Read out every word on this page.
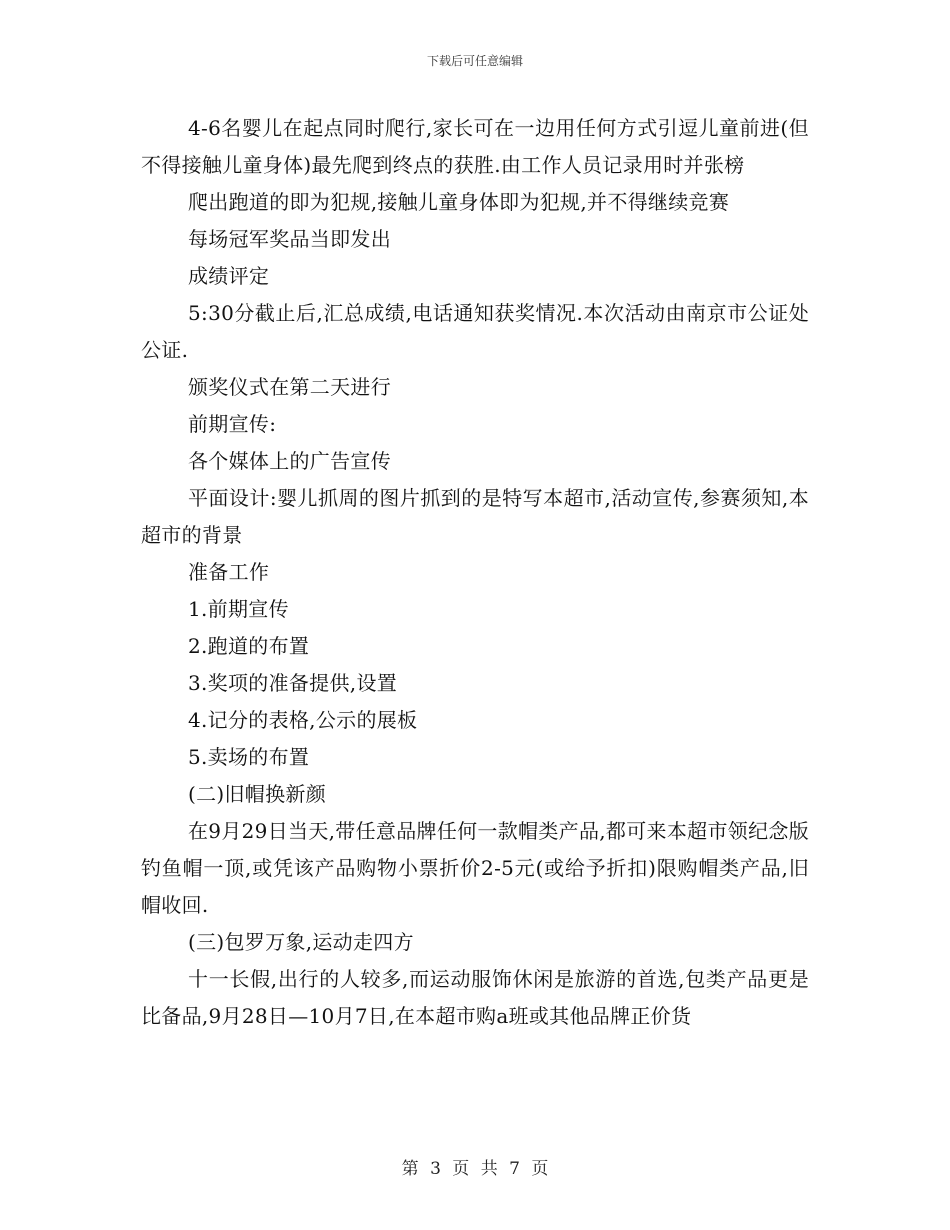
下载后可任意编辑

4-6名婴儿在起点同时爬行,家长可在一边用任何方式引逗儿童前进(但不得接触儿童身体)最先爬到终点的获胜.由工作人员记录用时并张榜

爬出跑道的即为犯规,接触儿童身体即为犯规,并不得继续竞赛

每场冠军奖品当即发出

成绩评定

5:30分截止后,汇总成绩,电话通知获奖情况.本次活动由南京市公证处公证.

颁奖仪式在第二天进行

前期宣传:

各个媒体上的广告宣传

平面设计:婴儿抓周的图片抓到的是特写本超市,活动宣传,参赛须知,本超市的背景

准备工作

1.前期宣传

2.跑道的布置

3.奖项的准备提供,设置

4.记分的表格,公示的展板

5.卖场的布置

(二)旧帽换新颜

在9月29日当天,带任意品牌任何一款帽类产品,都可来本超市领纪念版钓鱼帽一顶,或凭该产品购物小票折价2-5元(或给予折扣)限购帽类产品,旧帽收回.

(三)包罗万象,运动走四方

十一长假,出行的人较多,而运动服饰休闲是旅游的首选,包类产品更是比备品,9月28日—10月7日,在本超市购a班或其他品牌正价货

第 3 页 共 7 页
